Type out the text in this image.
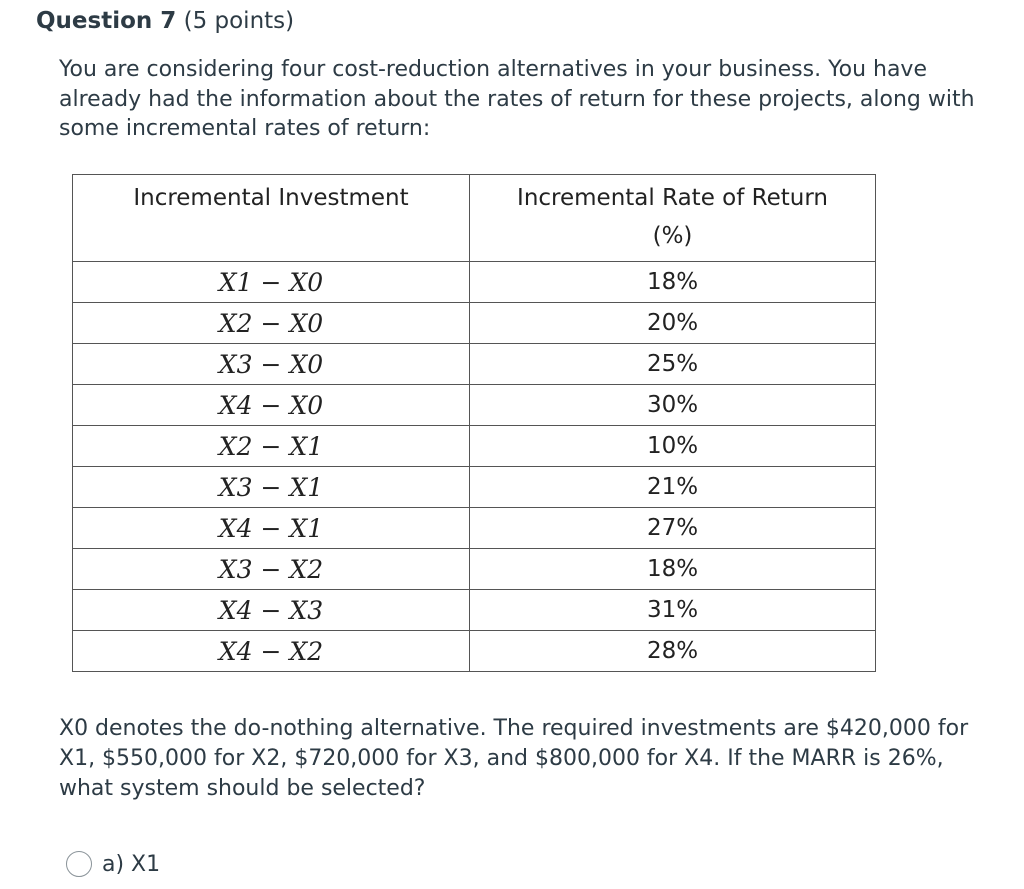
Question 7 (5 points)
You are considering four cost-reduction alternatives in your business. You have already had the information about the rates of return for these projects, along with some incremental rates of return:
Incremental Investment	Incremental Rate of Return
(%)

X1 − X0	18%
X2 − X0	20%
X3 − X0	25%
X4 − X0	30%
X2 − X1	10%
X3 − X1	21%
X4 − X1	27%
X3 − X2	18%
X4 − X3	31%
X4 − X2	28%
X0 denotes the do-nothing alternative. The required investments are $420,000 for X1, $550,000 for X2, $720,000 for X3, and $800,000 for X4. If the MARR is 26%, what system should be selected?
a) X1
